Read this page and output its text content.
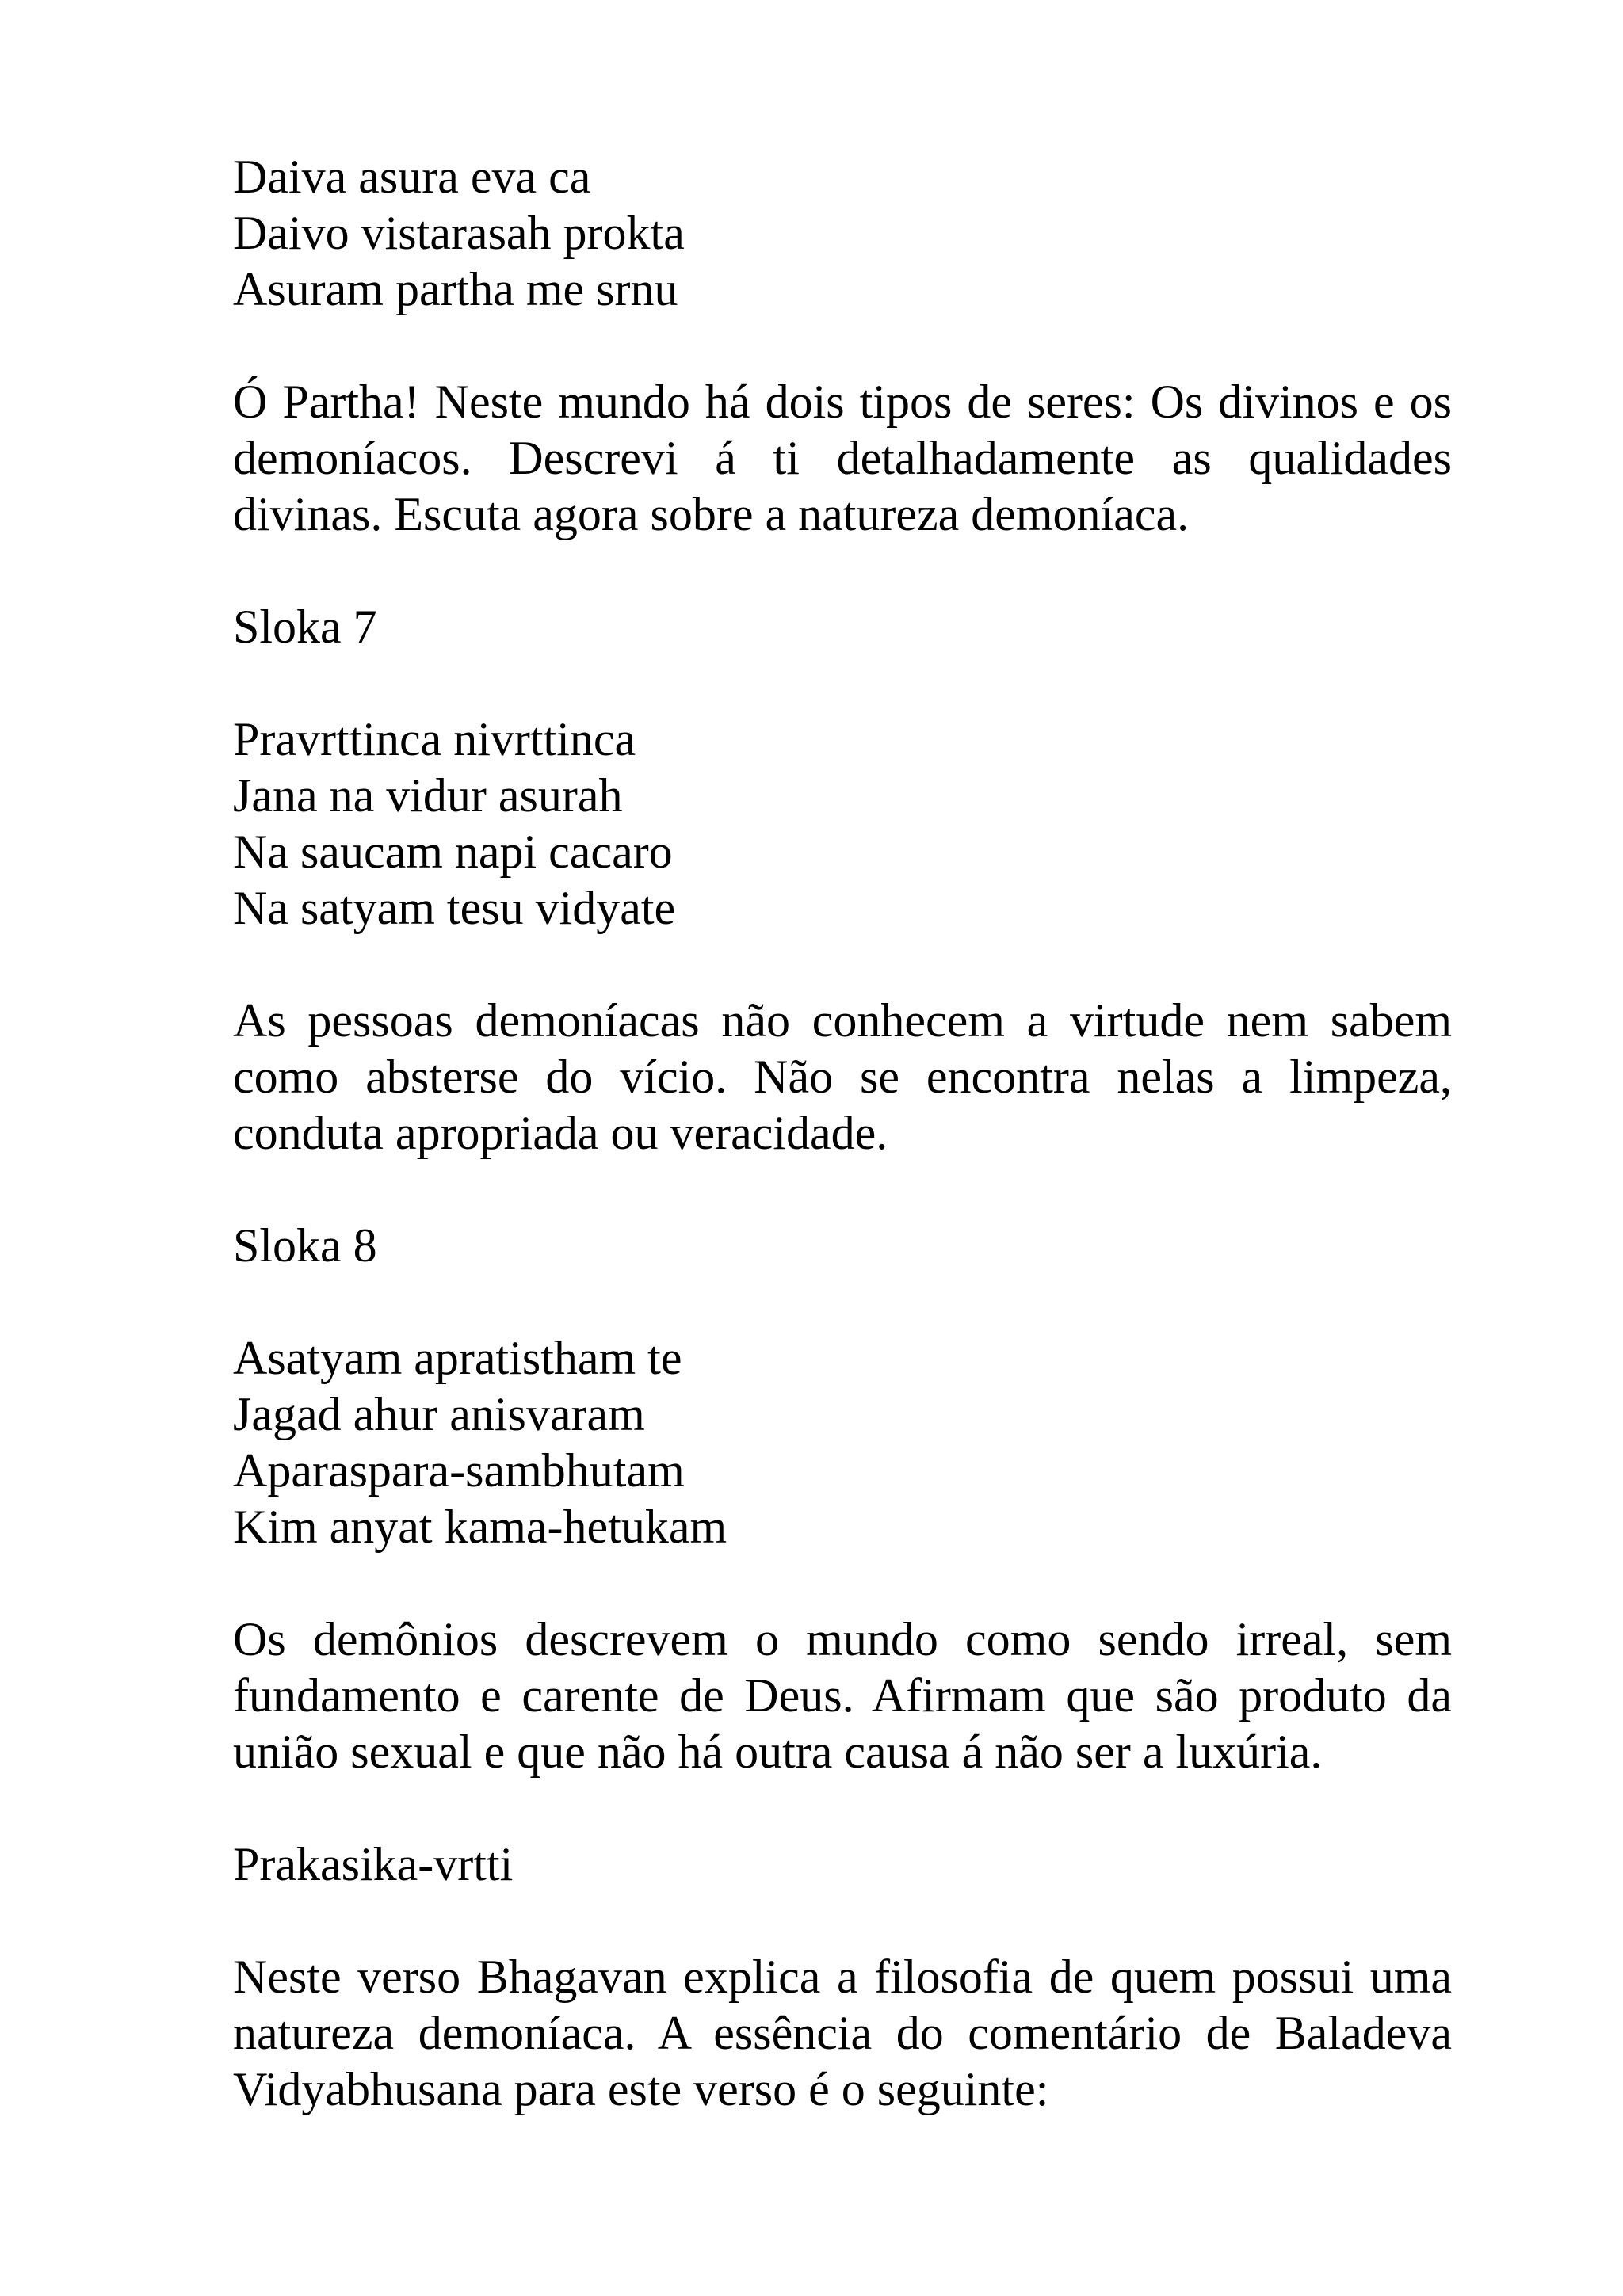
Daiva asura eva ca
Daivo vistarasah prokta
Asuram partha me srnu

Ó Partha! Neste mundo há dois tipos de seres: Os divinos e os demoníacos. Descrevi á ti detalhadamente as qualidades divinas. Escuta agora sobre a natureza demoníaca.

Sloka 7

Pravrttinca nivrttinca
Jana na vidur asurah
Na saucam napi cacaro
Na satyam tesu vidyate

As pessoas demoníacas não conhecem a virtude nem sabem como absterse do vício. Não se encontra nelas a limpeza, conduta apropriada ou veracidade.

Sloka 8

Asatyam apratistham te
Jagad ahur anisvaram
Aparaspara-sambhutam
Kim anyat kama-hetukam

Os demônios descrevem o mundo como sendo irreal, sem fundamento e carente de Deus. Afirmam que são produto da união sexual e que não há outra causa á não ser a luxúria.

Prakasika-vrtti

Neste verso Bhagavan explica a filosofia de quem possui uma natureza demoníaca. A essência do comentário de Baladeva Vidyabhusana para este verso é o seguinte:
